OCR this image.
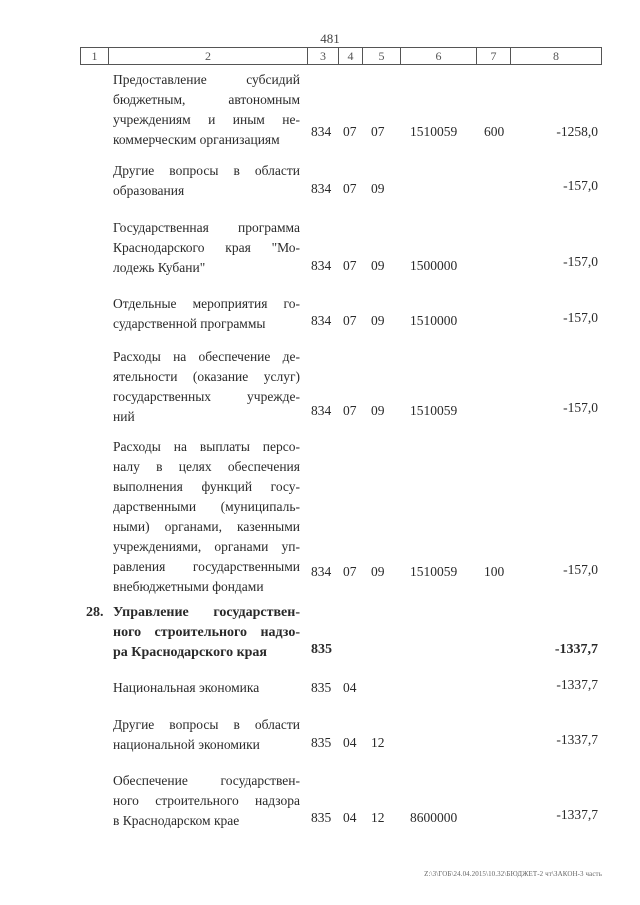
481
1	2	3	4	5	6	7	8
Предоставление субсидий
бюджетным, автономным
учреждениям и иным не-
коммерческим организациям
834 07 07 1510059 600	-1258,0
Другие вопросы в области
образования	834 07 09	-157,0
Государственная программа
Краснодарского края "Мо-
лодежь Кубани"	834 07 09 1500000	-157,0
Отдельные мероприятия го-
сударственной программы	834 07 09 1510000	-157,0
Расходы на обеспечение де-
ятельности (оказание услуг)
государственных учрежде-
ний	834 07 09 1510059	-157,0
Расходы на выплаты персо-
налу в целях обеспечения
выполнения функций госу-
дарственными (муниципаль-
ными) органами, казенными
учреждениями, органами уп-
равления государственными
внебюджетными фондами
834 07 09 1510059 100	-157,0
28. Управление государствен-
ного строительного надзо-
ра Краснодарского края	835	-1337,7
Национальная экономика	835 04	-1337,7
Другие вопросы в области
национальной экономики	835 04 12	-1337,7
Обеспечение государствен-
ного строительного надзора
в Краснодарском крае	835 04 12 8600000	-1337,7
Z:\3\ГОБ\24.04.2015\10.32\БЮДЖЕТ-2 чт\ЗАКОН-3 часть
